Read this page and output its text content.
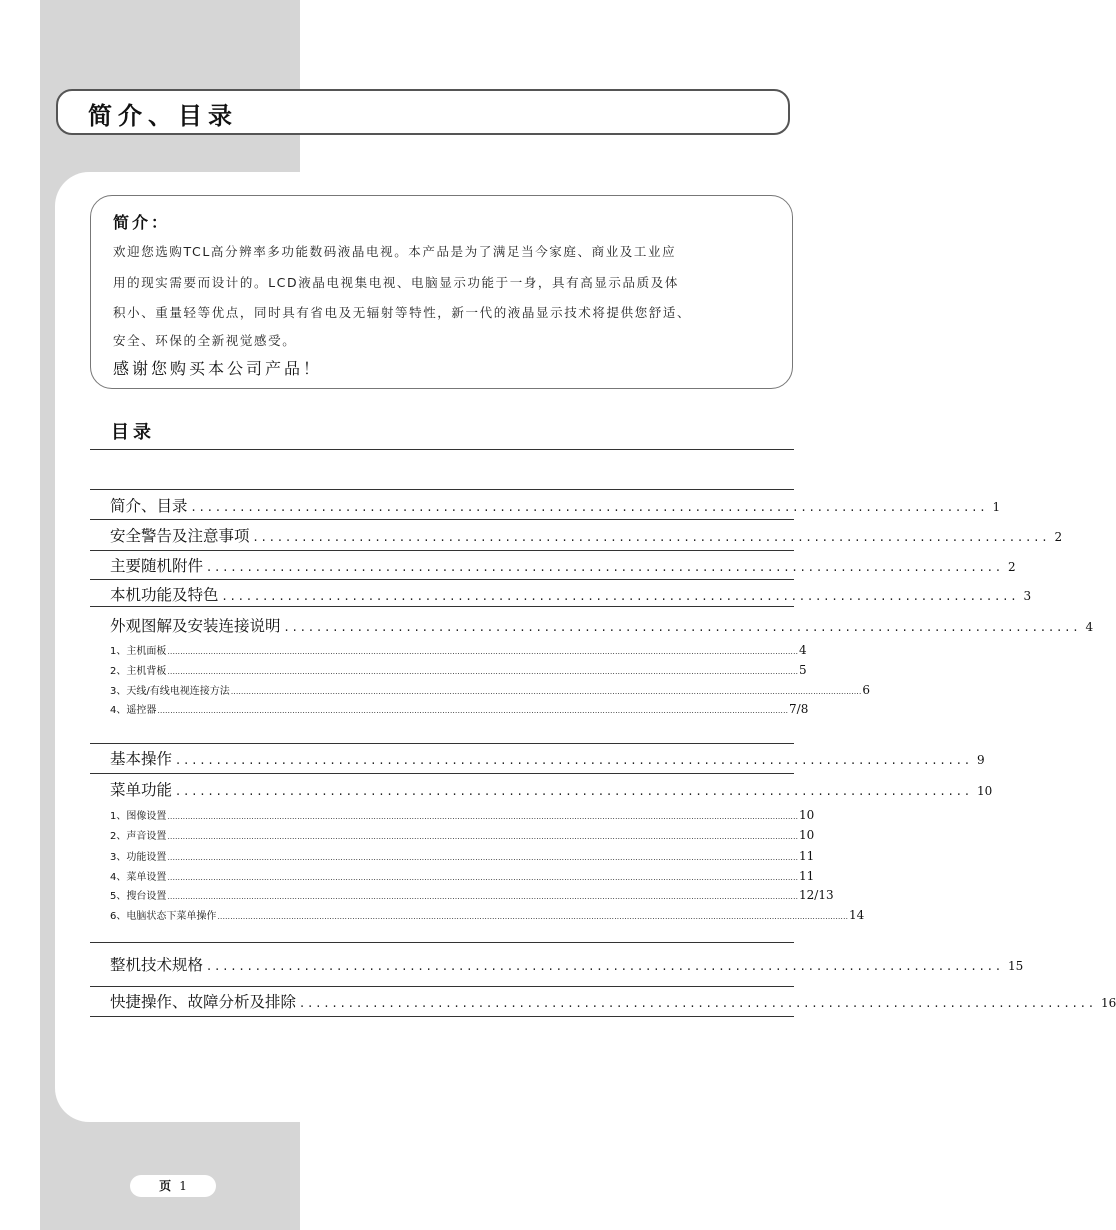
简介、目录
简介：
欢迎您选购TCL高分辨率多功能数码液晶电视。本产品是为了满足当今家庭、商业及工业应
用的现实需要而设计的。LCD液晶电视集电视、电脑显示功能于一身，具有高显示品质及体
积小、重量轻等优点，同时具有省电及无辐射等特性，新一代的液晶显示技术将提供您舒适、
安全、环保的全新视觉感受。
感谢您购买本公司产品！
目录
简介、目录 .................................................................................................. 1
安全警告及注意事项 .................................................................................................. 2
主要随机附件 .................................................................................................. 2
本机功能及特色 .................................................................................................. 3
外观图解及安装连接说明 .................................................................................................. 4
1、主机面板 ........................................................................................................................................................................................................................................................ 4
2、主机背板 ........................................................................................................................................................................................................................................................ 5
3、天线/有线电视连接方法 ........................................................................................................................................................................................................................................................ 6
4、遥控器 ........................................................................................................................................................................................................................................................ 7/8
基本操作 .................................................................................................. 9
菜单功能 .................................................................................................. 10
1、图像设置 ........................................................................................................................................................................................................................................................ 10
2、声音设置 ........................................................................................................................................................................................................................................................ 10
3、功能设置 ........................................................................................................................................................................................................................................................ 11
4、菜单设置 ........................................................................................................................................................................................................................................................ 11
5、搜台设置 ........................................................................................................................................................................................................................................................ 12/13
6、电脑状态下菜单操作 ........................................................................................................................................................................................................................................................ 14
整机技术规格 .................................................................................................. 15
快捷操作、故障分析及排除 .................................................................................................. 16
页 1
